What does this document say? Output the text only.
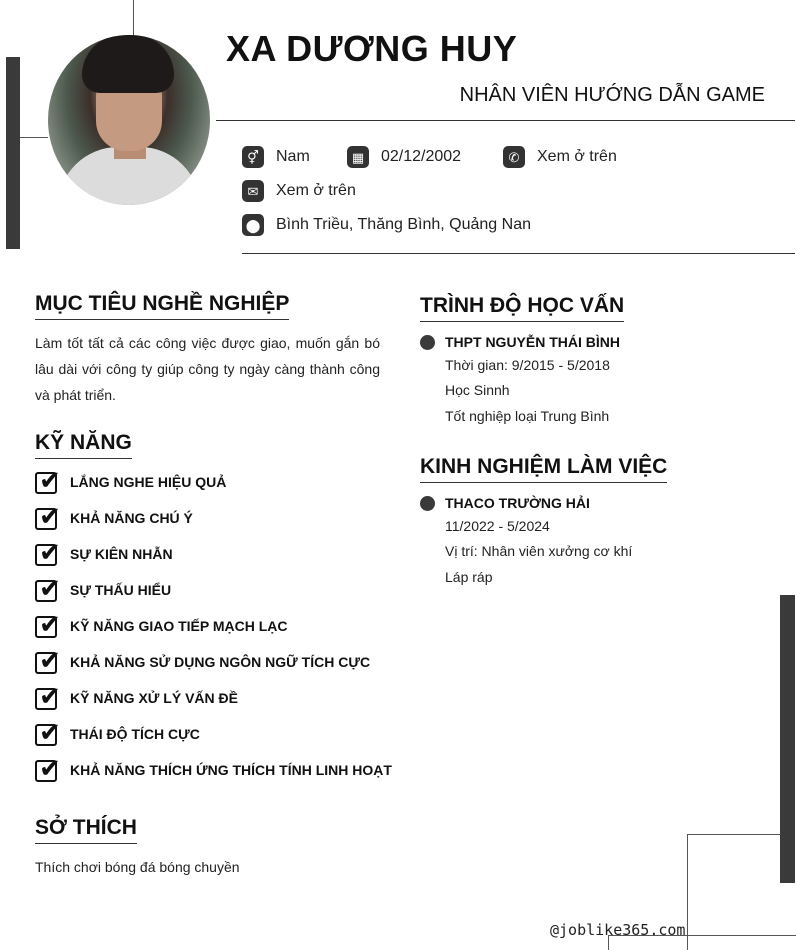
XA DƯƠNG HUY
NHÂN VIÊN HƯỚNG DẪN GAME
⚥	Nam	▦	02/12/2002	✆	Xem ở trên
✉	Xem ở trên
⬤ Bình Triều, Thăng Bình, Quảng Nan
MỤC TIÊU NGHỀ NGHIỆP
Làm tốt tất cả các công việc được giao, muốn gắn bó lâu dài với công ty giúp công ty ngày càng thành công và phát triển.
KỸ NĂNG
✔ LẮNG NGHE HIỆU QUẢ
✔ KHẢ NĂNG CHÚ Ý
✔ SỰ KIÊN NHẪN
✔ SỰ THẤU HIỂU
✔ KỸ NĂNG GIAO TIẾP MẠCH LẠC
✔ KHẢ NĂNG SỬ DỤNG NGÔN NGỮ TÍCH CỰC
✔ KỸ NĂNG XỬ LÝ VẤN ĐỀ
✔ THÁI ĐỘ TÍCH CỰC
✔ KHẢ NĂNG THÍCH ỨNG THÍCH TÍNH LINH HOẠT
SỞ THÍCH
Thích chơi bóng đá bóng chuyền
TRÌNH ĐỘ HỌC VẤN
THPT NGUYỄN THÁI BÌNH
Thời gian: 9/2015 - 5/2018
Học Sinnh
Tốt nghiệp loại Trung Bình
KINH NGHIỆM LÀM VIỆC
THACO TRƯỜNG HẢI
11/2022 - 5/2024
Vị trí: Nhân viên xưởng cơ khí
Láp ráp
@joblike365.com
